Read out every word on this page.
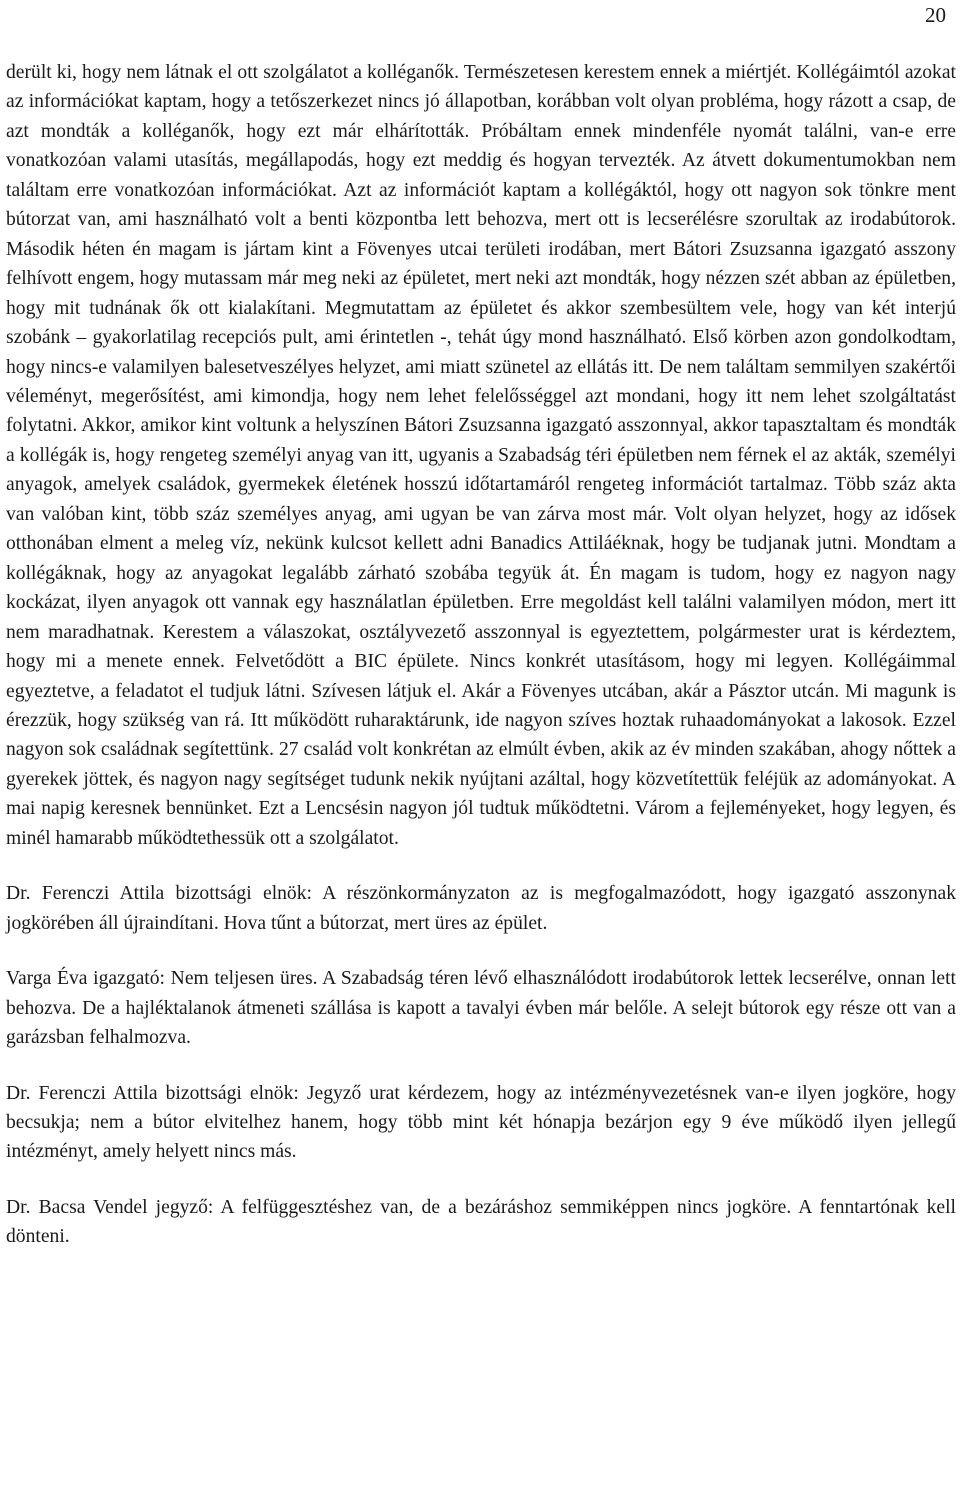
20

derült ki, hogy nem látnak el ott szolgálatot a kolléganők. Természetesen kerestem ennek a miértjét. Kollégáimtól azokat az információkat kaptam, hogy a tetőszerkezet nincs jó állapotban, korábban volt olyan probléma, hogy rázott a csap, de azt mondták a kolléganők, hogy ezt már elhárították. Próbáltam ennek mindenféle nyomát találni, van-e erre vonatkozóan valami utasítás, megállapodás, hogy ezt meddig és hogyan tervezték. Az átvett dokumentumokban nem találtam erre vonatkozóan információkat. Azt az információt kaptam a kollégáktól, hogy ott nagyon sok tönkre ment bútorzat van, ami használható volt a benti központba lett behozva, mert ott is lecserélésre szorultak az irodabútorok. Második héten én magam is jártam kint a Fövenyes utcai területi irodában, mert Bátori Zsuzsanna igazgató asszony felhívott engem, hogy mutassam már meg neki az épületet, mert neki azt mondták, hogy nézzen szét abban az épületben, hogy mit tudnának ők ott kialakítani. Megmutattam az épületet és akkor szembesültem vele, hogy van két interjú szobánk – gyakorlatilag recepciós pult, ami érintetlen -, tehát úgy mond használható. Első körben azon gondolkodtam, hogy nincs-e valamilyen balesetveszélyes helyzet, ami miatt szünetel az ellátás itt. De nem találtam semmilyen szakértői véleményt, megerősítést, ami kimondja, hogy nem lehet felelősséggel azt mondani, hogy itt nem lehet szolgáltatást folytatni. Akkor, amikor kint voltunk a helyszínen Bátori Zsuzsanna igazgató asszonnyal, akkor tapasztaltam és mondták a kollégák is, hogy rengeteg személyi anyag van itt, ugyanis a Szabadság téri épületben nem férnek el az akták, személyi anyagok, amelyek családok, gyermekek életének hosszú időtartamáról rengeteg információt tartalmaz. Több száz akta van valóban kint, több száz személyes anyag, ami ugyan be van zárva most már. Volt olyan helyzet, hogy az idősek otthonában elment a meleg víz, nekünk kulcsot kellett adni Banadics Attiláéknak, hogy be tudjanak jutni. Mondtam a kollégáknak, hogy az anyagokat legalább zárható szobába tegyük át. Én magam is tudom, hogy ez nagyon nagy kockázat, ilyen anyagok ott vannak egy használatlan épületben. Erre megoldást kell találni valamilyen módon, mert itt nem maradhatnak. Kerestem a válaszokat, osztályvezető asszonnyal is egyeztettem, polgármester urat is kérdeztem, hogy mi a menete ennek. Felvetődött a BIC épülete. Nincs konkrét utasításom, hogy mi legyen. Kollégáimmal egyeztetve, a feladatot el tudjuk látni. Szívesen látjuk el. Akár a Fövenyes utcában, akár a Pásztor utcán. Mi magunk is érezzük, hogy szükség van rá. Itt működött ruharaktárunk, ide nagyon szíves hoztak ruhaadományokat a lakosok. Ezzel nagyon sok családnak segítettünk. 27 család volt konkrétan az elmúlt évben, akik az év minden szakában, ahogy nőttek a gyerekek jöttek, és nagyon nagy segítséget tudunk nekik nyújtani azáltal, hogy közvetítettük feléjük az adományokat. A mai napig keresnek bennünket. Ezt a Lencsésin nagyon jól tudtuk működtetni. Várom a fejleményeket, hogy legyen, és minél hamarabb működtethessük ott a szolgálatot.

Dr. Ferenczi Attila bizottsági elnök: A részönkormányzaton az is megfogalmazódott, hogy igazgató asszonynak jogkörében áll újraindítani. Hova tűnt a bútorzat, mert üres az épület.

Varga Éva igazgató: Nem teljesen üres. A Szabadság téren lévő elhasználódott irodabútorok lettek lecserélve, onnan lett behozva. De a hajléktalanok átmeneti szállása is kapott a tavalyi évben már belőle. A selejt bútorok egy része ott van a garázsban felhalmozva.

Dr. Ferenczi Attila bizottsági elnök: Jegyző urat kérdezem, hogy az intézményvezetésnek van-e ilyen jogköre, hogy becsukja; nem a bútor elvitelhez hanem, hogy több mint két hónapja bezárjon egy 9 éve működő ilyen jellegű intézményt, amely helyett nincs más.

Dr. Bacsa Vendel jegyző: A felfüggesztéshez van, de a bezáráshoz semmiképpen nincs jogköre. A fenntartónak kell dönteni.
